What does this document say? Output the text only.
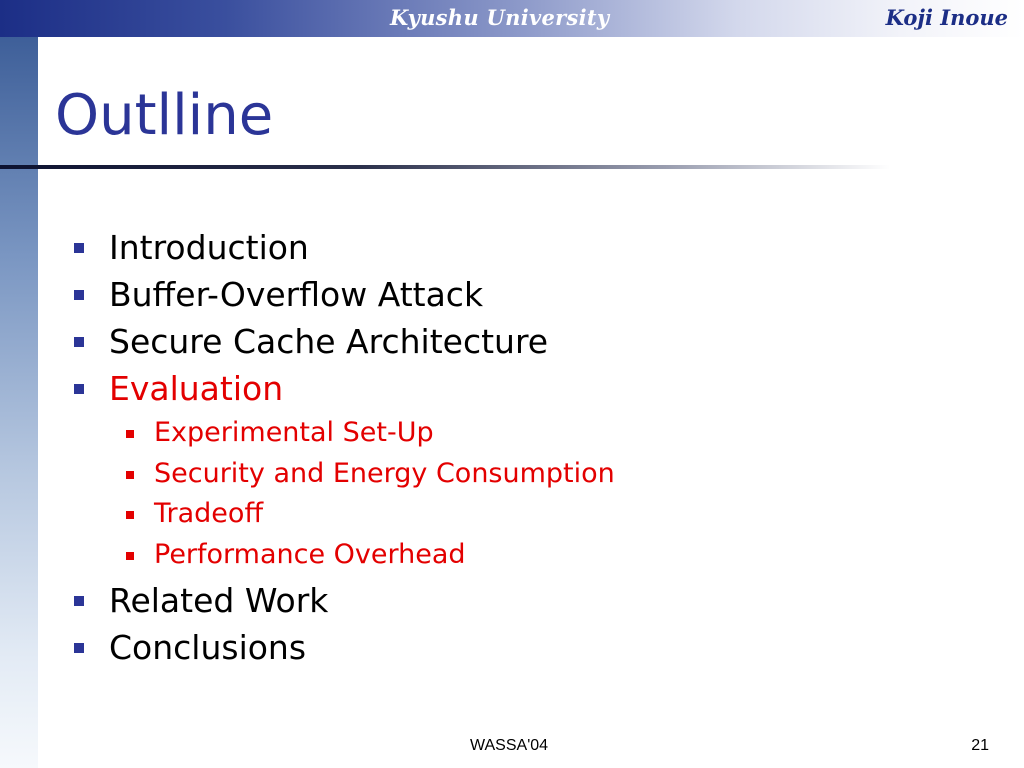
Kyushu University	Koji Inoue
Outlline
Introduction
Buffer-Overflow Attack
Secure Cache Architecture
Evaluation
Experimental Set-Up
Security and Energy Consumption
Tradeoff
Performance Overhead
Related Work
Conclusions
WASSA'04	21
